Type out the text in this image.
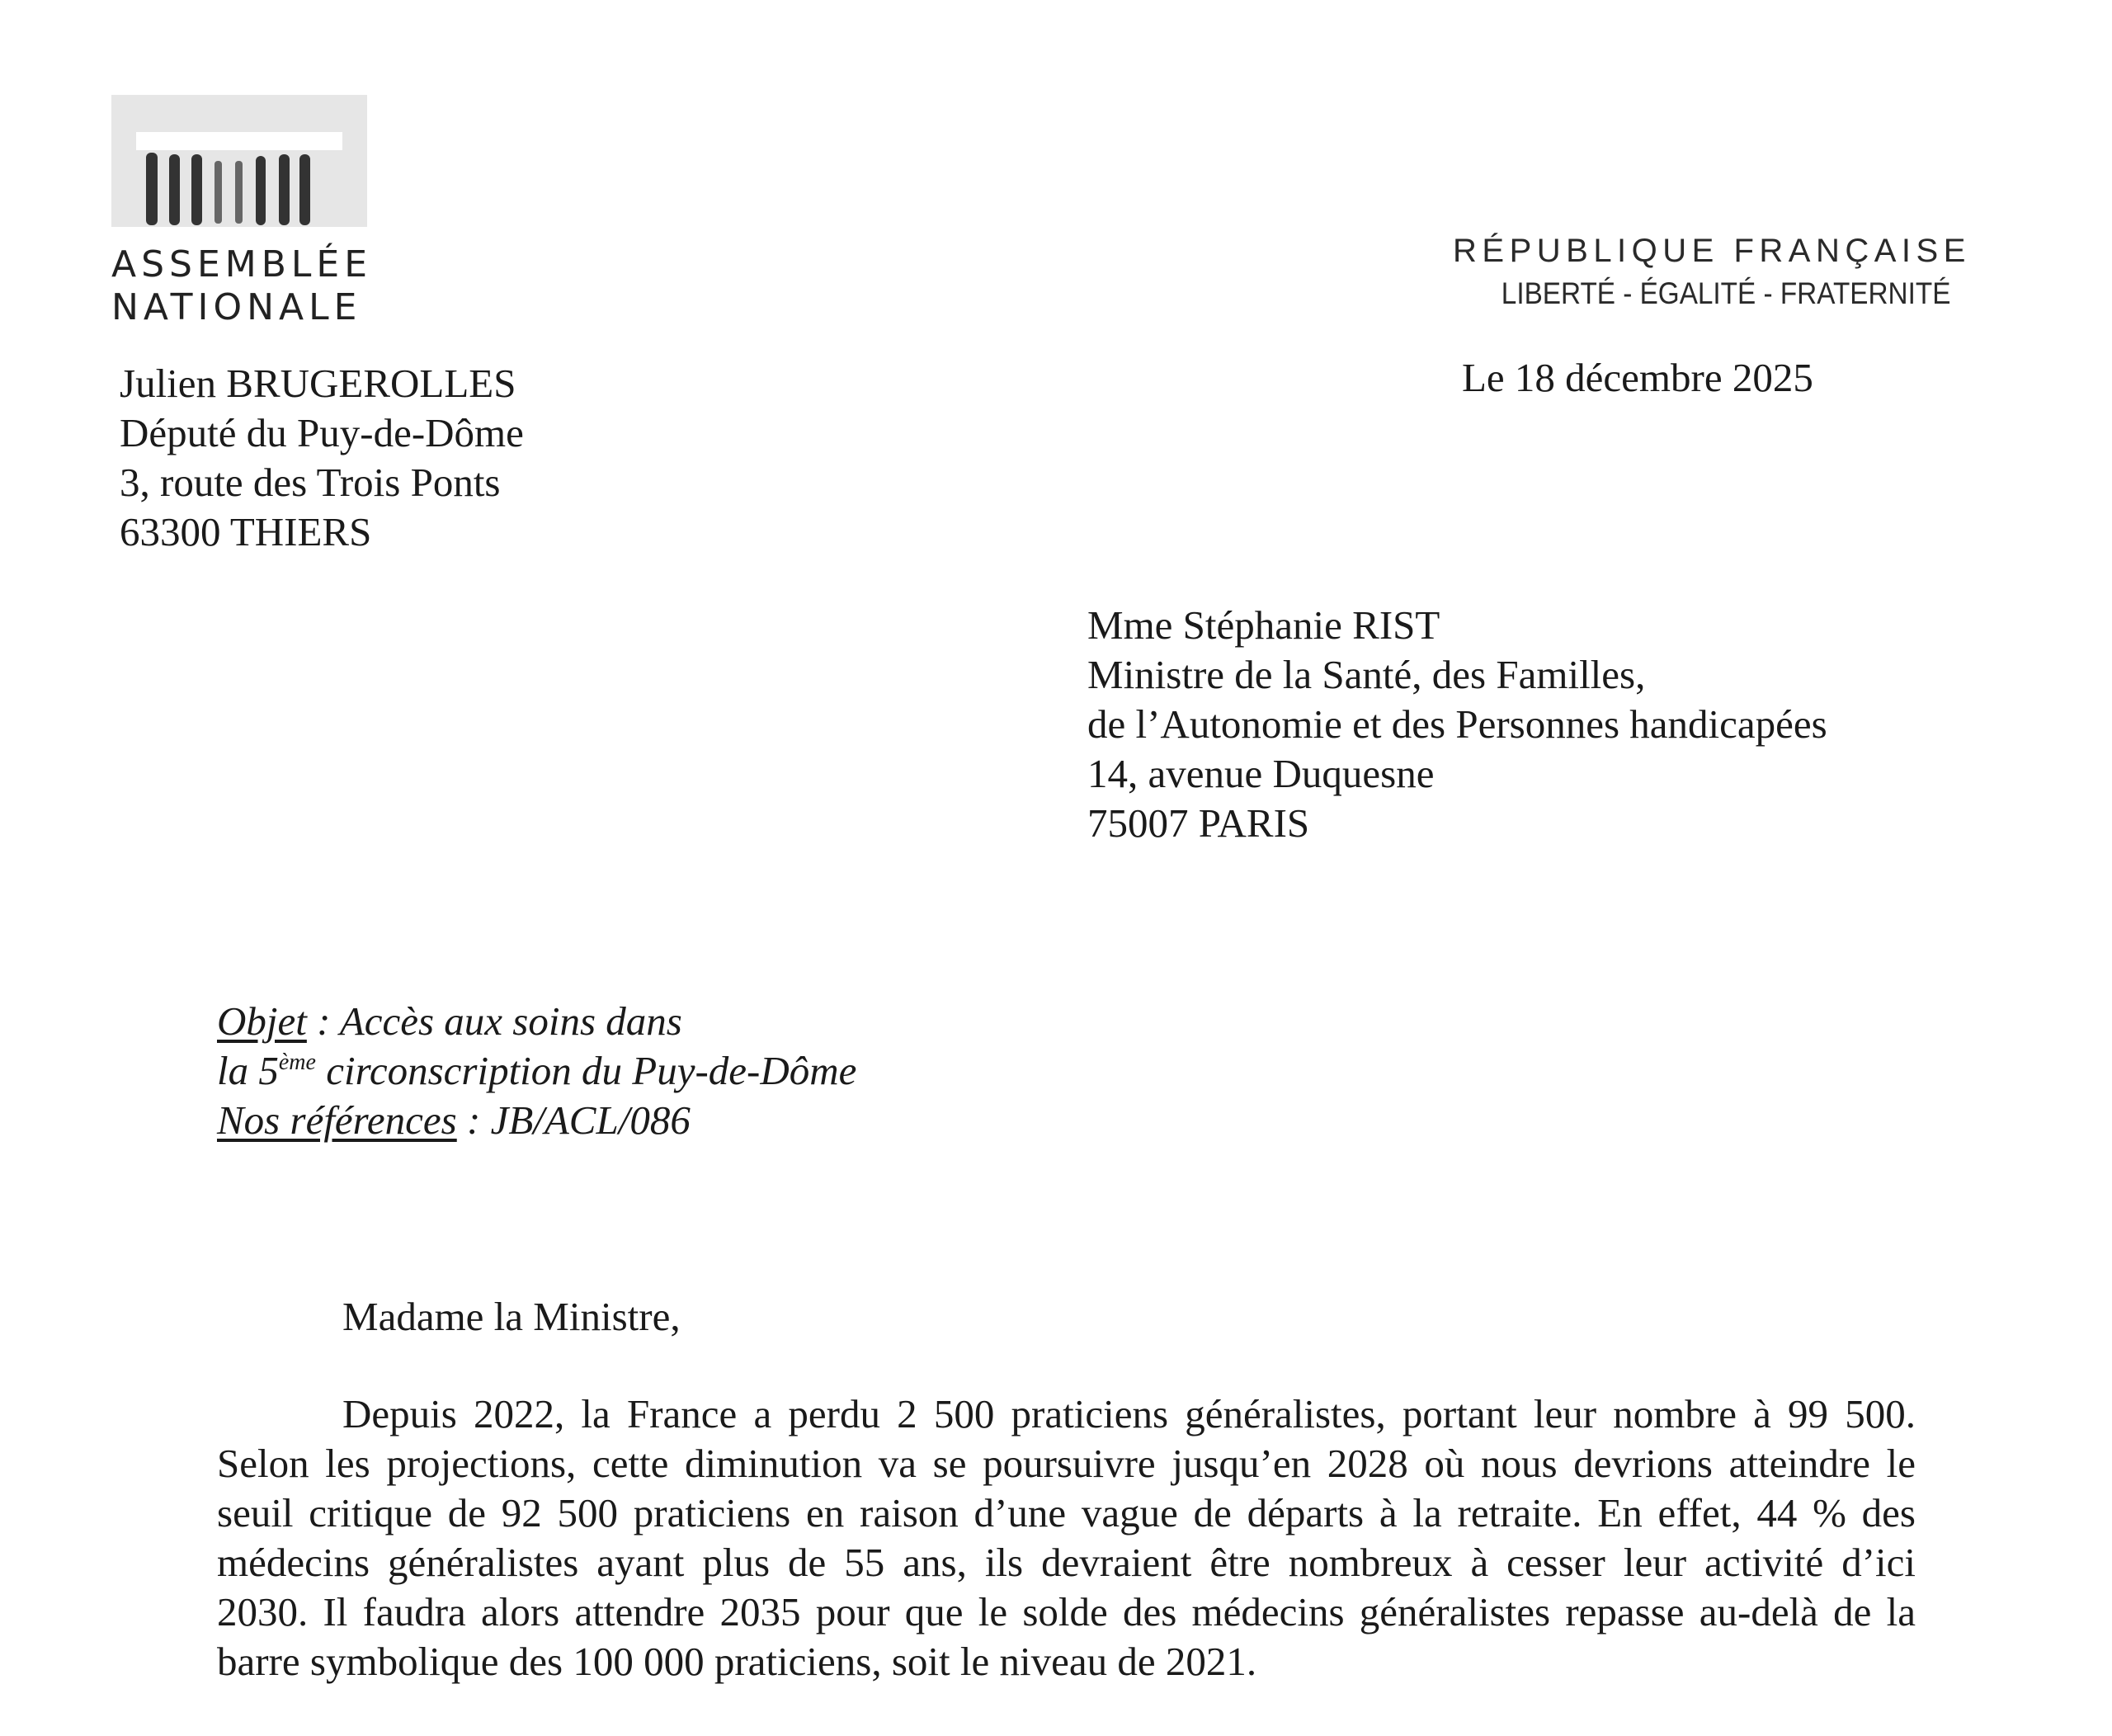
ASSEMBLÉE
NATIONALE
RÉPUBLIQUE FRANÇAISE
LIBERTÉ - ÉGALITÉ - FRATERNITÉ
Le 18 décembre 2025
Julien BRUGEROLLES
Député du Puy-de-Dôme
3, route des Trois Ponts
63300 THIERS
Mme Stéphanie RIST
Ministre de la Santé, des Familles,
de l’Autonomie et des Personnes handicapées
14, avenue Duquesne
75007 PARIS
Objet : Accès aux soins dans
la 5ème circonscription du Puy-de-Dôme
Nos références : JB/ACL/086
Madame la Ministre,
Depuis 2022, la France a perdu 2 500 praticiens généralistes, portant leur nombre à 99 500.
Selon les projections, cette diminution va se poursuivre jusqu’en 2028 où nous devrions atteindre le
seuil critique de 92 500 praticiens en raison d’une vague de départs à la retraite. En effet, 44 % des
médecins généralistes ayant plus de 55 ans, ils devraient être nombreux à cesser leur activité d’ici
2030. Il faudra alors attendre 2035 pour que le solde des médecins généralistes repasse au-delà de la
barre symbolique des 100 000 praticiens, soit le niveau de 2021.
